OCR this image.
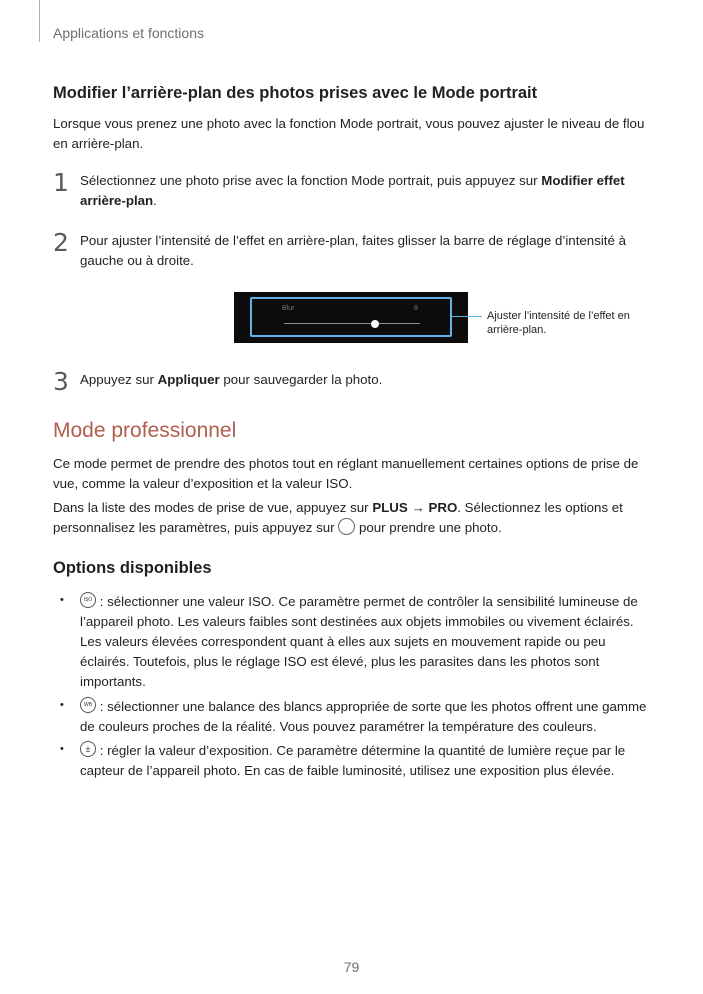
Applications et fonctions
Modifier l’arrière-plan des photos prises avec le Mode portrait

Lorsque vous prenez une photo avec la fonction Mode portrait, vous pouvez ajuster le niveau de flou en arrière-plan.

1 Sélectionnez une photo prise avec la fonction Mode portrait, puis appuyez sur Modifier effet arrière-plan.

2 Pour ajuster l’intensité de l’effet en arrière-plan, faites glisser la barre de réglage d’intensité à gauche ou à droite.

Blur	8
Ajuster l’intensité de l’effet en arrière-plan.
3 Appuyez sur Appliquer pour sauvegarder la photo.

Mode professionnel

Ce mode permet de prendre des photos tout en réglant manuellement certaines options de prise de vue, comme la valeur d’exposition et la valeur ISO.

Dans la liste des modes de prise de vue, appuyez sur PLUS → PRO. Sélectionnez les options et personnalisez les paramètres, puis appuyez sur  pour prendre une photo.

Options disponibles
•	ISO : sélectionner une valeur ISO. Ce paramètre permet de contrôler la sensibilité lumineuse de l’appareil photo. Les valeurs faibles sont destinées aux objets immobiles ou vivement éclairés. Les valeurs élevées correspondent quant à elles aux sujets en mouvement rapide ou peu éclairés. Toutefois, plus le réglage ISO est élevé, plus les parasites dans les photos sont importants.

•	WB : sélectionner une balance des blancs appropriée de sorte que les photos offrent une gamme de couleurs proches de la réalité. Vous pouvez paramétrer la température des couleurs.

•	± : régler la valeur d’exposition. Ce paramètre détermine la quantité de lumière reçue par le capteur de l’appareil photo. En cas de faible luminosité, utilisez une exposition plus élevée.

79
